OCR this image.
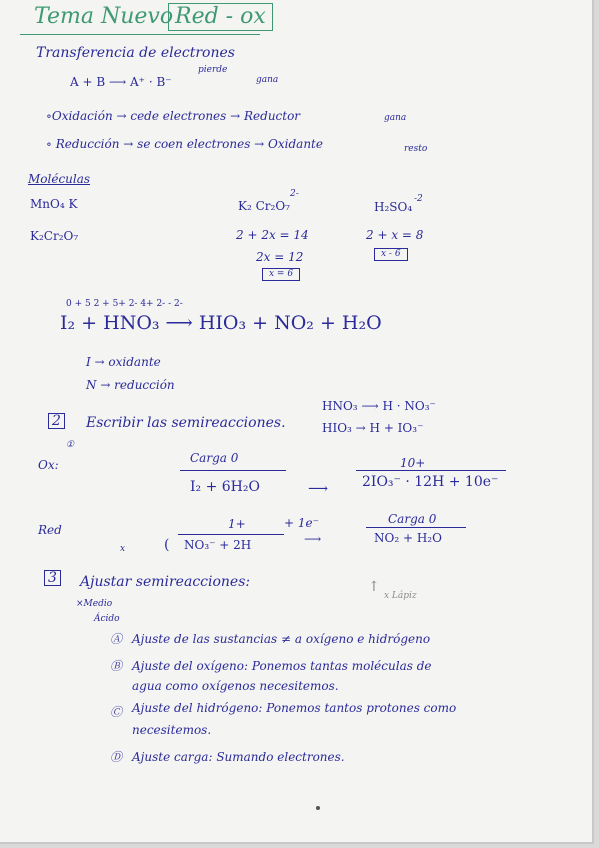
Tema Nuevo Red - ox
Transferencia de electrones
pierde
A + B ⟶ A⁺ · B⁻	gana
∘Oxidación → cede electrones → Reductor	gana
∘ Reducción → se coen electrones → Oxidante	resto
Moléculas
MnO₄ K
K₂Cr₂O₇
2-
K₂ Cr₂O₇
2 + 2x = 14
2x = 12
x = 6
-2
H₂SO₄
2 + x = 8
x - 6
0 + 5 2 + 5+ 2- 4+ 2- - 2-
I₂ + HNO₃ ⟶ HIO₃ + NO₂ + H₂O
I → oxidante
N → reducción
2 Escribir las semireacciones.
①
HNO₃ ⟶ H · NO₃⁻
HIO₃ → H + IO₃⁻
Ox:	Carga 0
I₂ + 6H₂O	⟶
10+
2IO₃⁻ · 12H + 10e⁻
Red
x
1+
( NO₃⁻ + 2H
+ 1e⁻
⟶
Carga 0
NO₂ + H₂O
3 Ajustar semireacciones:
×Medio
Ácido
↑
x Lápiz
Ⓐ Ajuste de las sustancias ≠ a oxígeno e hidrógeno
Ⓑ Ajuste del oxígeno: Ponemos tantas moléculas de
agua como oxígenos necesitemos.
Ⓒ Ajuste del hidrógeno: Ponemos tantos protones como
necesitemos.
Ⓓ Ajuste carga: Sumando electrones.
